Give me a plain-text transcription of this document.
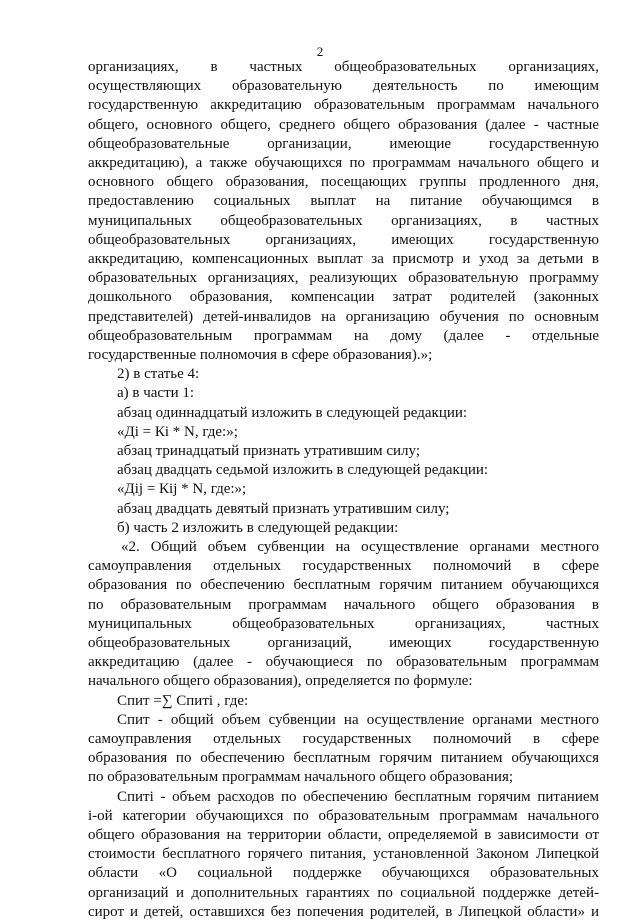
2
организациях, в частных общеобразовательных организациях,
осуществляющих образовательную деятельность по имеющим
государственную аккредитацию образовательным программам начального
общего, основного общего, среднего общего образования (далее - частные
общеобразовательные организации, имеющие государственную
аккредитацию), а также обучающихся по программам начального общего и
основного общего образования, посещающих группы продленного дня,
предоставлению социальных выплат на питание обучающимся в
муниципальных общеобразовательных организациях, в частных
общеобразовательных организациях, имеющих государственную
аккредитацию, компенсационных выплат за присмотр и уход за детьми в
образовательных организациях, реализующих образовательную программу
дошкольного образования, компенсации затрат родителей (законных
представителей) детей-инвалидов на организацию обучения по основным
общеобразовательным программам на дому (далее - отдельные
государственные полномочия в сфере образования).»;
2) в статье 4:
а) в части 1:
абзац одиннадцатый изложить в следующей редакции:
«Дi = Кi * N, где:»;
абзац тринадцатый признать утратившим силу;
абзац двадцать седьмой изложить в следующей редакции:
«Дij = Кij * N, где:»;
абзац двадцать девятый признать утратившим силу;
б) часть 2 изложить в следующей редакции:
«2. Общий объем субвенции на осуществление органами местного
самоуправления отдельных государственных полномочий в сфере
образования по обеспечению бесплатным горячим питанием обучающихся
по образовательным программам начального общего образования в
муниципальных общеобразовательных организациях, частных
общеобразовательных организаций, имеющих государственную
аккредитацию (далее - обучающиеся по образовательным программам
начального общего образования), определяется по формуле:
Спит =∑ Спитi , где:
Спит - общий объем субвенции на осуществление органами местного
самоуправления отдельных государственных полномочий в сфере
образования по обеспечению бесплатным горячим питанием обучающихся
по образовательным программам начального общего образования;
Спитi - объем расходов по обеспечению бесплатным горячим питанием
i-ой категории обучающихся по образовательным программам начального
общего образования на территории области, определяемой в зависимости от
стоимости бесплатного горячего питания, установленной Законом Липецкой
области «О социальной поддержке обучающихся образовательных
организаций и дополнительных гарантиях по социальной поддержке детей-
сирот и детей, оставшихся без попечения родителей, в Липецкой области» и
